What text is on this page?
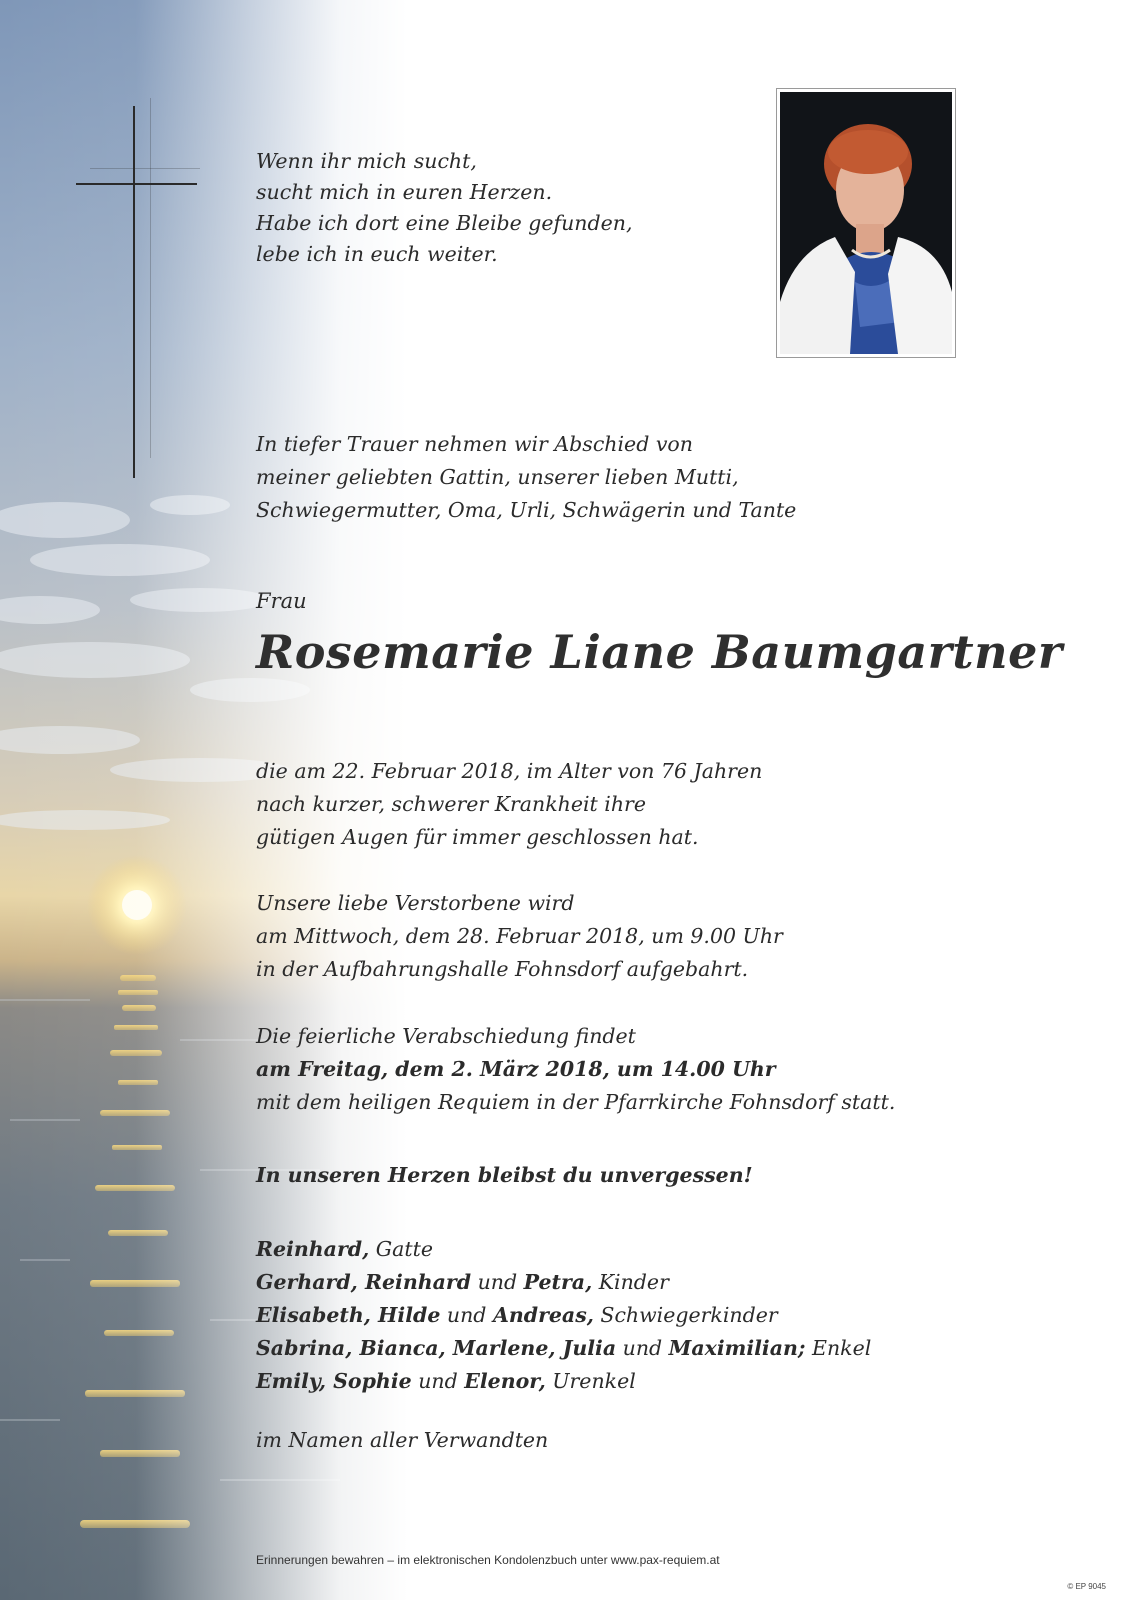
Wenn ihr mich sucht,
sucht mich in euren Herzen.
Habe ich dort eine Bleibe gefunden,
lebe ich in euch weiter.
In tiefer Trauer nehmen wir Abschied von
meiner geliebten Gattin, unserer lieben Mutti,
Schwiegermutter, Oma, Urli, Schwägerin und Tante
Frau
Rosemarie Liane Baumgartner
die am 22. Februar 2018, im Alter von 76 Jahren
nach kurzer, schwerer Krankheit ihre
gütigen Augen für immer geschlossen hat.
Unsere liebe Verstorbene wird
am Mittwoch, dem 28. Februar 2018, um 9.00 Uhr
in der Aufbahrungshalle Fohnsdorf aufgebahrt.
Die feierliche Verabschiedung findet
am Freitag, dem 2. März 2018, um 14.00 Uhr
mit dem heiligen Requiem in der Pfarrkirche Fohnsdorf statt.
In unseren Herzen bleibst du unvergessen!
Reinhard, Gatte
Gerhard, Reinhard und Petra, Kinder
Elisabeth, Hilde und Andreas, Schwiegerkinder
Sabrina, Bianca, Marlene, Julia und Maximilian; Enkel
Emily, Sophie und Elenor, Urenkel
im Namen aller Verwandten
Erinnerungen bewahren – im elektronischen Kondolenzbuch unter www.pax-requiem.at
© EP 9045
